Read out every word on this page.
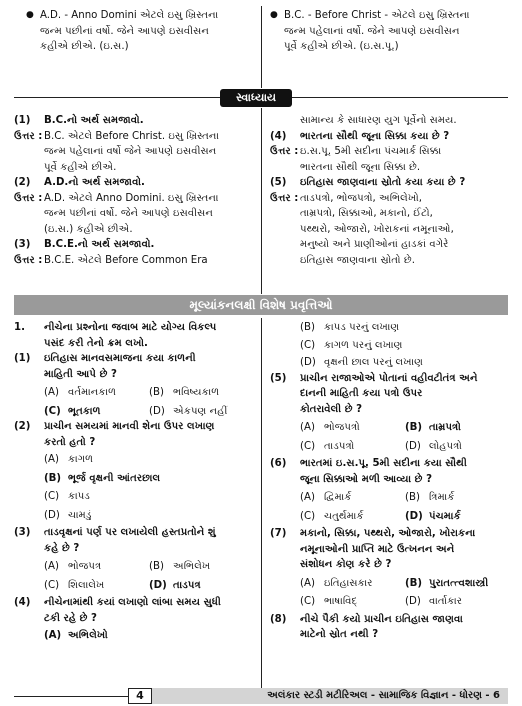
● A.D. - Anno Domini એટલે ઇસુ ખ્રિસ્તના

જન્મ પછીનાં વર્ષો. જેને આપણે ઇસવીસન

કહીએ છીએ. (ઇ.સ.)

● B.C. - Before Christ - એટલે ઇસુ ખ્રિસ્તના

જન્મ પહેલાનાં વર્ષો. જેને આપણે ઇસવીસન

પૂર્વે કહીએ છીએ. (ઇ.સ.પૂ.)

સ્વાધ્યાય
(1)	B.C.નો અર્થ સમજાવો.
ઉત્તર : B.C. એટલે Before Christ. ઇસુ ખ્રિસ્તના

જન્મ પહેલાનાં વર્ષો જેને આપણે ઇસવીસન

પૂર્વે કહીએ છીએ.

(2)	A.D.નો અર્થ સમજાવો.
ઉત્તર : A.D. એટલે Anno Domini. ઇસુ ખ્રિસ્તના

જન્મ પછીનાં વર્ષો. જેને આપણે ઇસવીસન

(ઇ.સ.) કહીએ છીએ.

(3)	B.C.E.નો અર્થ સમજાવો.
ઉત્તર : B.C.E. એટલે Before Common Era

સામાન્ય કે સાધારણ યુગ પૂર્વેનો સમય.

(4)	ભારતના સૌથી જૂના સિક્કા કયા છે ?
ઉત્તર : ઇ.સ.પૂ. 5મી સદીના પંચમાર્ક સિક્કા

ભારતના સૌથી જૂના સિક્કા છે.

(5)	ઇતિહાસ જાણવાના સ્રોતો કયા કયા છે ?
ઉત્તર : તાડપત્રો, ભોજપત્રો, અભિલેખો,

તામ્રપત્રો, સિક્કાઓ, મકાનો, ઈંટો,

પથ્થરો, ઓજારો, ખોરાકનાં નમૂનાઓ,

મનુષ્યો અને પ્રાણીઓનાં હાડકાં વગેરે

ઇતિહાસ જાણવાના સ્રોતો છે.

મૂલ્યાંકનલક્ષી વિશેષ પ્રવૃત્તિઓ
1.	નીચેના પ્રશ્નોના જવાબ માટે યોગ્ય વિકલ્પ

પસંદ કરી તેનો ક્રમ લખો.

(1)	ઇતિહાસ માનવસમાજના કયા કાળની

માહિતી આપે છે ?

(A) વર્તમાનકાળ	(B) ભવિષ્યકાળ
(C) ભૂતકાળ	(D) એકપણ નહીં
(2)	પ્રાચીન સમયમાં માનવી શેના ઉપર લખાણ

કરતો હતો ?

(A) કાગળ
(B) ભૂર્જ વૃક્ષની આંતરછાલ
(C) કાપડ
(D) ચામડું
(3)	તાડવૃક્ષનાં પર્ણ પર લખાયેલી હસ્તપ્રતોને શું

કહે છે ?

(A) ભોજપત્ર	(B) અભિલેખ
(C) શિલાલેખ	(D) તાડપત્ર
(4)	નીચેનામાંથી કયાં લખાણો લાંબા સમય સુધી

ટકી રહે છે ?

(A) અભિલેખો
(B) કાપડ પરનું લખાણ
(C) કાગળ પરનું લખાણ
(D) વૃક્ષની છાલ પરનું લખાણ
(5)	પ્રાચીન રાજાઓએ પોતાનાં વહીવટીતંત્ર અને

દાનની માહિતી કયા પત્રો ઉપર

કોતરાવેલી છે ?

(A) ભોજપત્રો	(B) તામ્રપત્રો
(C) તાડપત્રો	(D) લોહપત્રો
(6)	ભારતમાં ઇ.સ.પૂ. 5મી સદીના કયા સૌથી

જૂના સિક્કાઓ મળી આવ્યા છે ?

(A) દ્વિમાર્ક	(B) ત્રિમાર્ક
(C) ચતુર્થમાર્ક	(D) પંચમાર્ક
(7)	મકાનો, સિક્કા, પથ્થરો, ઓજારો, ખોરાકના

નમૂનાઓની પ્રાપ્તિ માટે ઉત્ખનન અને

સંશોધન કોણ કરે છે ?

(A) ઇતિહાસકાર	(B) પુરાતત્ત્વશાસ્ત્રી
(C) ભાષાવિદ્	(D) વાર્તાકાર
(8)	નીચે પૈકી કયો પ્રાચીન ઇતિહાસ જાણવા

માટેનો સ્રોત નથી ?

4	અલંકાર સ્ટડી મટીરિઅલ - સામાજિક વિજ્ઞાન - ધોરણ - 6
